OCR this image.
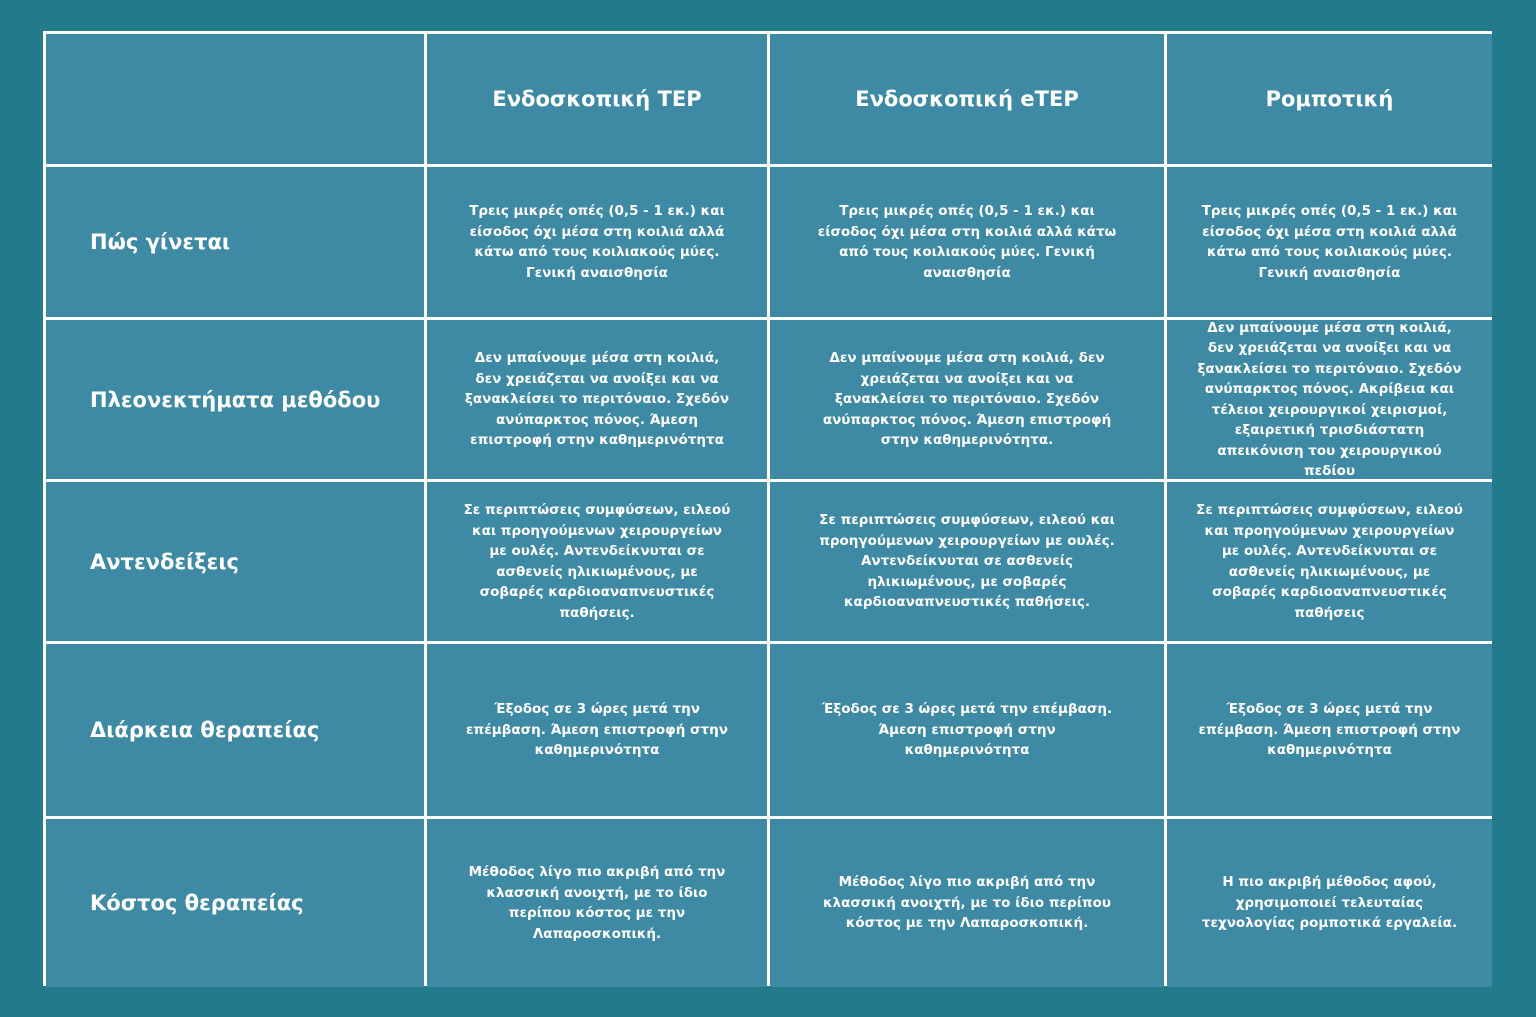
Ενδοσκοπική TEP	Ενδοσκοπική eTEP	Ρομποτική
Πώς γίνεται
Τρεις μικρές οπές (0,5 - 1 εκ.) και είσοδος όχι μέσα στη κοιλιά αλλά κάτω από τους κοιλιακούς μύες. Γενική αναισθησία
Τρεις μικρές οπές (0,5 - 1 εκ.) και είσοδος όχι μέσα στη κοιλιά αλλά κάτω από τους κοιλιακούς μύες. Γενική αναισθησία
Τρεις μικρές οπές (0,5 - 1 εκ.) και είσοδος όχι μέσα στη κοιλιά αλλά κάτω από τους κοιλιακούς μύες. Γενική αναισθησία
Πλεονεκτήματα μεθόδου
Δεν μπαίνουμε μέσα στη κοιλιά, δεν χρειάζεται να ανοίξει και να ξανακλείσει το περιτόναιο. Σχεδόν ανύπαρκτος πόνος. Άμεση επιστροφή στην καθημερινότητα
Δεν μπαίνουμε μέσα στη κοιλιά, δεν χρειάζεται να ανοίξει και να ξανακλείσει το περιτόναιο. Σχεδόν ανύπαρκτος πόνος. Άμεση επιστροφή στην καθημερινότητα.
Δεν μπαίνουμε μέσα στη κοιλιά, δεν χρειάζεται να ανοίξει και να ξανακλείσει το περιτόναιο. Σχεδόν ανύπαρκτος πόνος. Ακρίβεια και τέλειοι χειρουργικοί χειρισμοί, εξαιρετική τρισδιάστατη απεικόνιση του χειρουργικού πεδίου
Αντενδείξεις
Σε περιπτώσεις συμφύσεων, ειλεού και προηγούμενων χειρουργείων με ουλές. Αντενδείκνυται σε ασθενείς ηλικιωμένους, με σοβαρές καρδιοαναπνευστικές παθήσεις.
Σε περιπτώσεις συμφύσεων, ειλεού και προηγούμενων χειρουργείων με ουλές. Αντενδείκνυται σε ασθενείς ηλικιωμένους, με σοβαρές καρδιοαναπνευστικές παθήσεις.
Σε περιπτώσεις συμφύσεων, ειλεού και προηγούμενων χειρουργείων με ουλές. Αντενδείκνυται σε ασθενείς ηλικιωμένους, με σοβαρές καρδιοαναπνευστικές παθήσεις
Διάρκεια θεραπείας
Έξοδος σε 3 ώρες μετά την επέμβαση. Άμεση επιστροφή στην καθημερινότητα
Έξοδος σε 3 ώρες μετά την επέμβαση. Άμεση επιστροφή στην καθημερινότητα
Έξοδος σε 3 ώρες μετά την επέμβαση. Άμεση επιστροφή στην καθημερινότητα
Κόστος θεραπείας
Μέθοδος λίγο πιο ακριβή από την κλασσική ανοιχτή, με το ίδιο περίπου κόστος με την Λαπαροσκοπική.
Μέθοδος λίγο πιο ακριβή από την κλασσική ανοιχτή, με το ίδιο περίπου κόστος με την Λαπαροσκοπική.
Η πιο ακριβή μέθοδος αφού, χρησιμοποιεί τελευταίας τεχνολογίας ρομποτικά εργαλεία.
